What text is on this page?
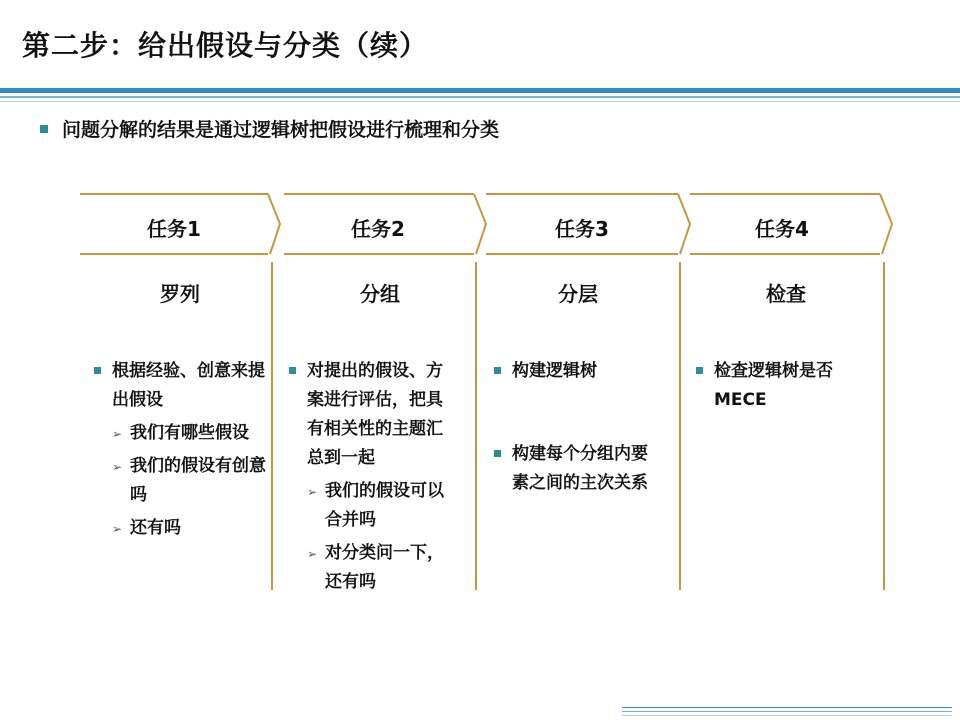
第二步：给出假设与分类（续）
问题分解的结果是通过逻辑树把假设进行梳理和分类
任务1
罗列
根据经验、创意来提出假设
➢ 我们有哪些假设
➢ 我们的假设有创意吗
➢ 还有吗
任务2
分组
对提出的假设、方案进行评估，把具有相关性的主题汇总到一起
➢ 我们的假设可以合并吗
➢ 对分类问一下，还有吗
任务3
分层
构建逻辑树
构建每个分组内要素之间的主次关系
任务4
检查
检查逻辑树是否MECE
